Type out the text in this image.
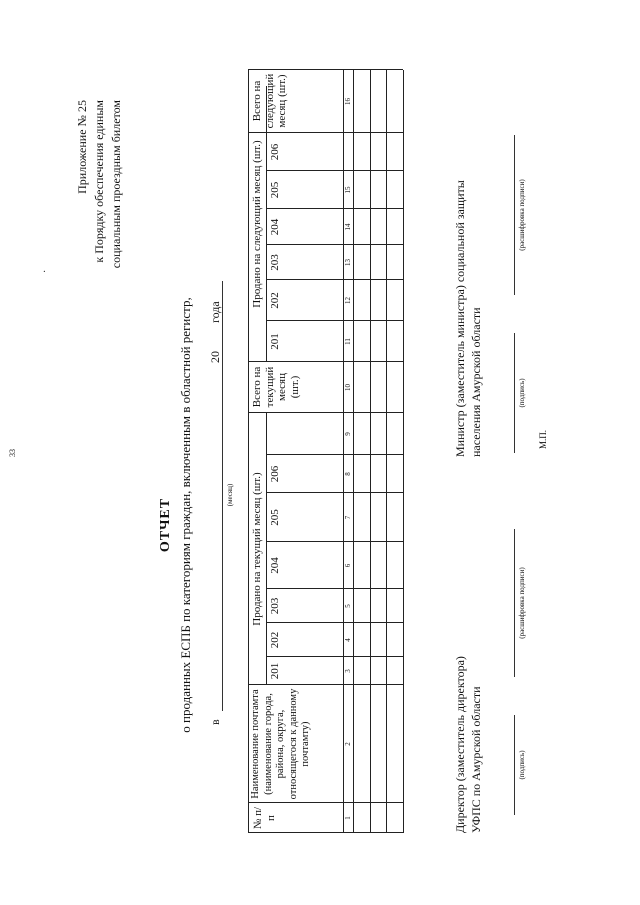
33
·
Приложение № 25 к Порядку обеспечения единым социальным проездным билетом
ОТЧЕТ о проданных ЕСПБ по категориям граждан, включенным в областной регистр, в
(месяц)
20
года
№ п/п
Наименование почтамта (наименование города, района, округа, относящегося к данному почтамту)
Продано на текущий месяц (шт.)
Всего на текущий месяц (шт.)
Продано на следующий месяц (шт.)
Всего на следующий месяц (шт.)
201
202
203
204
205
206
201
202
203
204
205
206
1
2
3
4
5
6
7
8
9
10
11
12
13
14
15
16
Директор (заместитель директора) УФПС по Амурской области	(подпись)
(расшифровка подписи)
Министр (заместитель министра) социальной защиты населения Амурской области	(подпись)
(расшифровка подписи)
М.П.
